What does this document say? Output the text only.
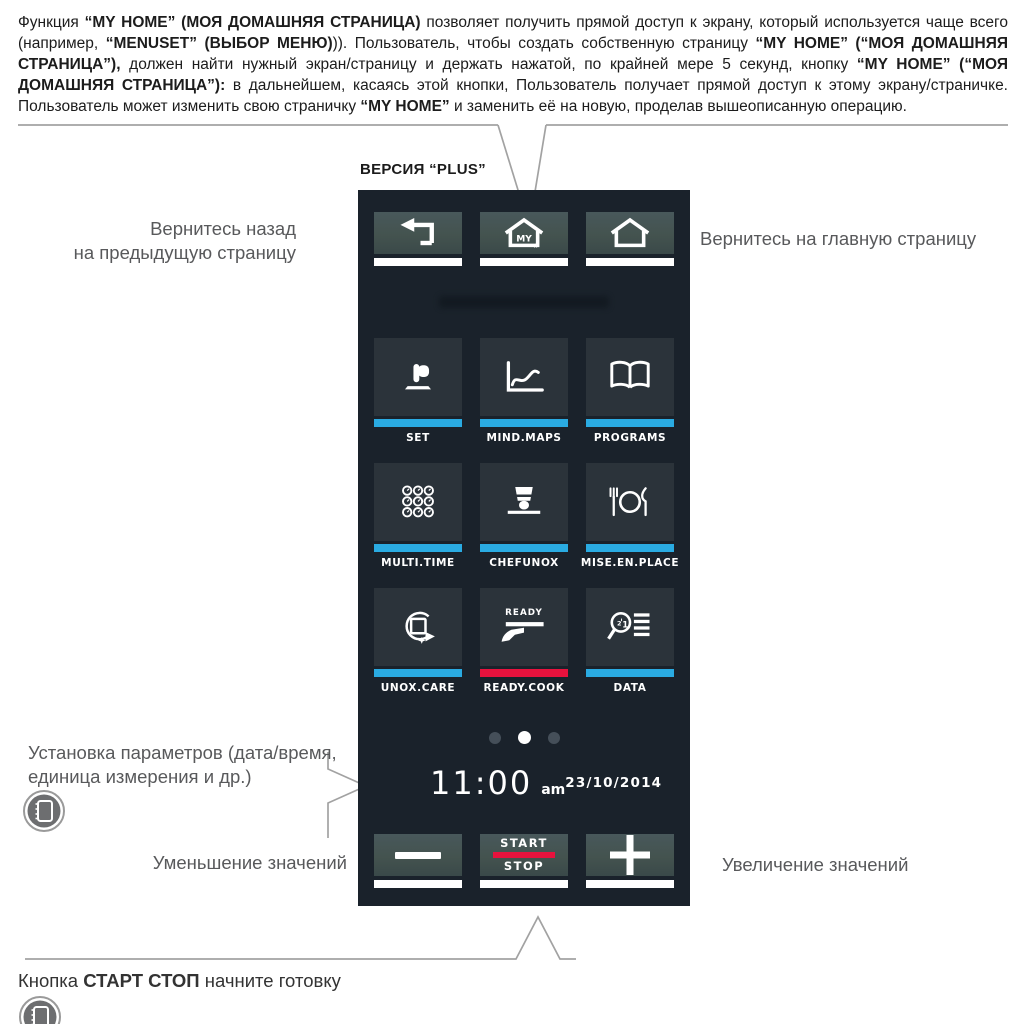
Функция “MY HOME” (МОЯ ДОМАШНЯЯ СТРАНИЦА) позволяет получить прямой доступ к экрану, который используется чаще всего (например, “MENUSET” (ВЫБОР МЕНЮ))). Пользователь, чтобы создать собственную страницу “MY HOME” (“МОЯ ДОМАШНЯЯ СТРАНИЦА”), должен найти нужный экран/страницу и держать нажатой, по крайней мере 5 секунд, кнопку “MY HOME” (“МОЯ ДОМАШНЯЯ СТРАНИЦА”): в дальнейшем, касаясь этой кнопки, Пользователь получает прямой доступ к этому экрану/страничке. Пользователь может изменить свою страничку “MY HOME” и заменить её на новую, проделав вышеописанную операцию.
ВЕРСИЯ “PLUS”
MY
★
SET	MIND.MAPS	PROGRAMS
MULTI.TIME	CHEFUNOX MISE.EN.PLACE
UNOX.CARE
READY
READY.COOK
2 1
DATA
11:00 am 23/10/2014
START
STOP
Вернитесь назад
на предыдущую страницу
Вернитесь на главную страницу
Установка параметров (дата/время,
единица измерения и др.)
Уменьшение значений	Увеличение значений
Кнопка СТАРТ СТОП начните готовку
